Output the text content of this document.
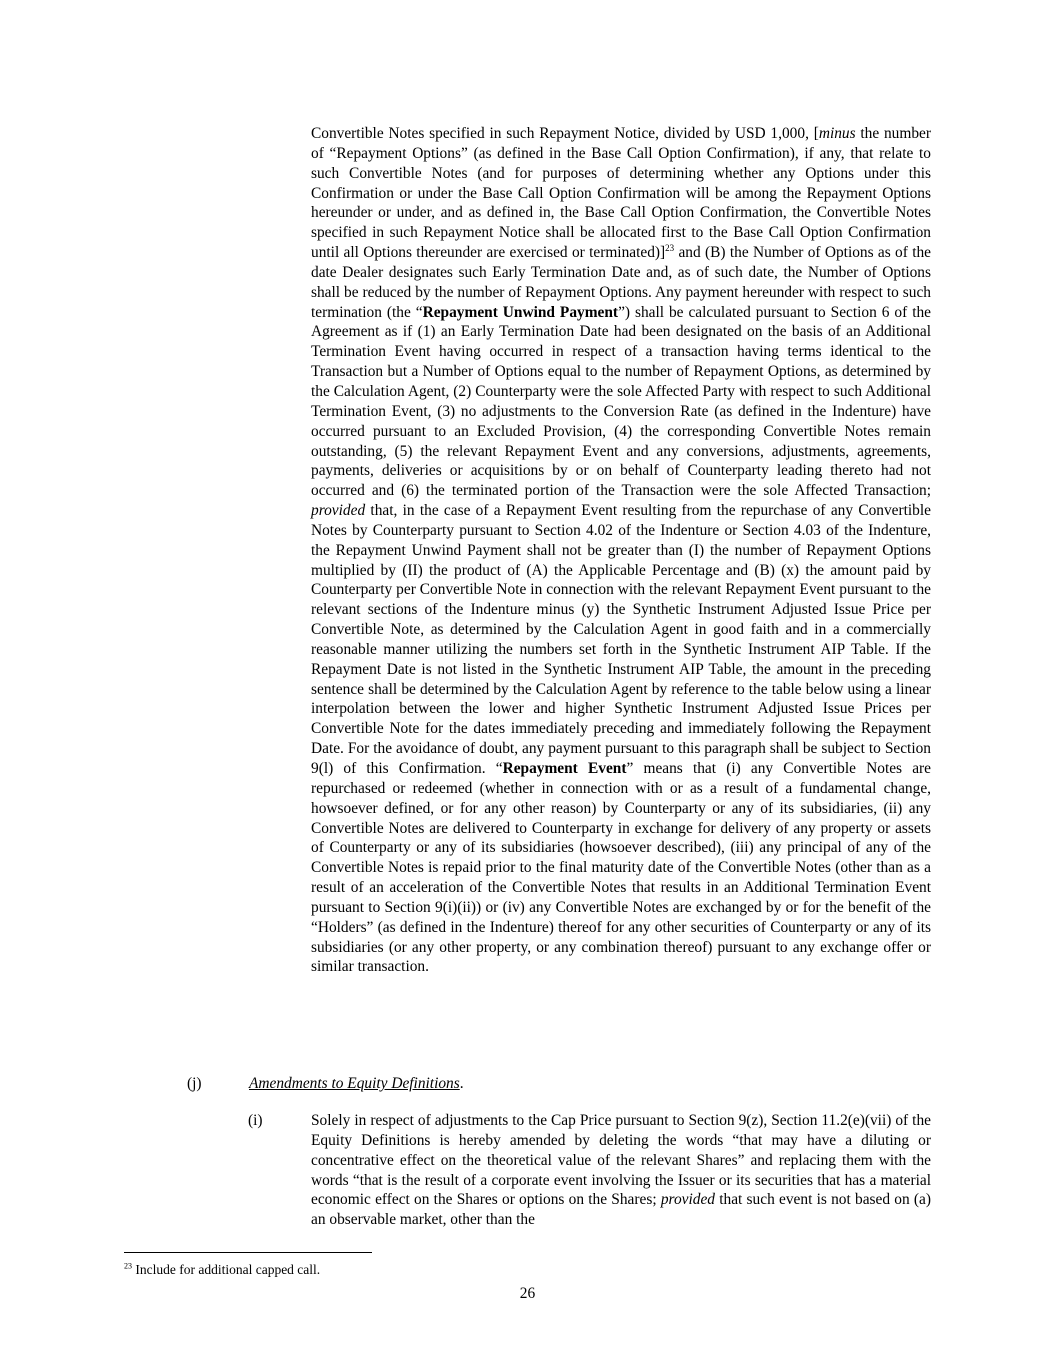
Convertible Notes specified in such Repayment Notice, divided by USD 1,000, [minus the number of “Repayment Options” (as defined in the Base Call Option Confirmation), if any, that relate to such Convertible Notes (and for purposes of determining whether any Options under this Confirmation or under the Base Call Option Confirmation will be among the Repayment Options hereunder or under, and as defined in, the Base Call Option Confirmation, the Convertible Notes specified in such Repayment Notice shall be allocated first to the Base Call Option Confirmation until all Options thereunder are exercised or terminated)]$^{23}$ and (B) the Number of Options as of the date Dealer designates such Early Termination Date and, as of such date, the Number of Options shall be reduced by the number of Repayment Options. Any payment hereunder with respect to such termination (the “Repayment Unwind Payment”) shall be calculated pursuant to Section 6 of the Agreement as if (1) an Early Termination Date had been designated on the basis of an Additional Termination Event having occurred in respect of a transaction having terms identical to the Transaction but a Number of Options equal to the number of Repayment Options, as determined by the Calculation Agent, (2) Counterparty were the sole Affected Party with respect to such Additional Termination Event, (3) no adjustments to the Conversion Rate (as defined in the Indenture) have occurred pursuant to an Excluded Provision, (4) the corresponding Convertible Notes remain outstanding, (5) the relevant Repayment Event and any conversions, adjustments, agreements, payments, deliveries or acquisitions by or on behalf of Counterparty leading thereto had not occurred and (6) the terminated portion of the Transaction were the sole Affected Transaction; provided that, in the case of a Repayment Event resulting from the repurchase of any Convertible Notes by Counterparty pursuant to Section 4.02 of the Indenture or Section 4.03 of the Indenture, the Repayment Unwind Payment shall not be greater than (I) the number of Repayment Options multiplied by (II) the product of (A) the Applicable Percentage and (B) (x) the amount paid by Counterparty per Convertible Note in connection with the relevant Repayment Event pursuant to the relevant sections of the Indenture minus (y) the Synthetic Instrument Adjusted Issue Price per Convertible Note, as determined by the Calculation Agent in good faith and in a commercially reasonable manner utilizing the numbers set forth in the Synthetic Instrument AIP Table. If the Repayment Date is not listed in the Synthetic Instrument AIP Table, the amount in the preceding sentence shall be determined by the Calculation Agent by reference to the table below using a linear interpolation between the lower and higher Synthetic Instrument Adjusted Issue Prices per Convertible Note for the dates immediately preceding and immediately following the Repayment Date. For the avoidance of doubt, any payment pursuant to this paragraph shall be subject to Section 9(l) of this Confirmation. “Repayment Event” means that (i) any Convertible Notes are repurchased or redeemed (whether in connection with or as a result of a fundamental change, howsoever defined, or for any other reason) by Counterparty or any of its subsidiaries, (ii) any Convertible Notes are delivered to Counterparty in exchange for delivery of any property or assets of Counterparty or any of its subsidiaries (howsoever described), (iii) any principal of any of the Convertible Notes is repaid prior to the final maturity date of the Convertible Notes (other than as a result of an acceleration of the Convertible Notes that results in an Additional Termination Event pursuant to Section 9(i)(ii)) or (iv) any Convertible Notes are exchanged by or for the benefit of the “Holders” (as defined in the Indenture) thereof for any other securities of Counterparty or any of its subsidiaries (or any other property, or any combination thereof) pursuant to any exchange offer or similar transaction.
(j)	Amendments to Equity Definitions.
(i)	Solely in respect of adjustments to the Cap Price pursuant to Section 9(z), Section 11.2(e)(vii) of the Equity Definitions is hereby amended by deleting the words “that may have a diluting or concentrative effect on the theoretical value of the relevant Shares” and replacing them with the words “that is the result of a corporate event involving the Issuer or its securities that has a material economic effect on the Shares or options on the Shares; provided that such event is not based on (a) an observable market, other than the
$^{23}$ Include for additional capped call.
26
